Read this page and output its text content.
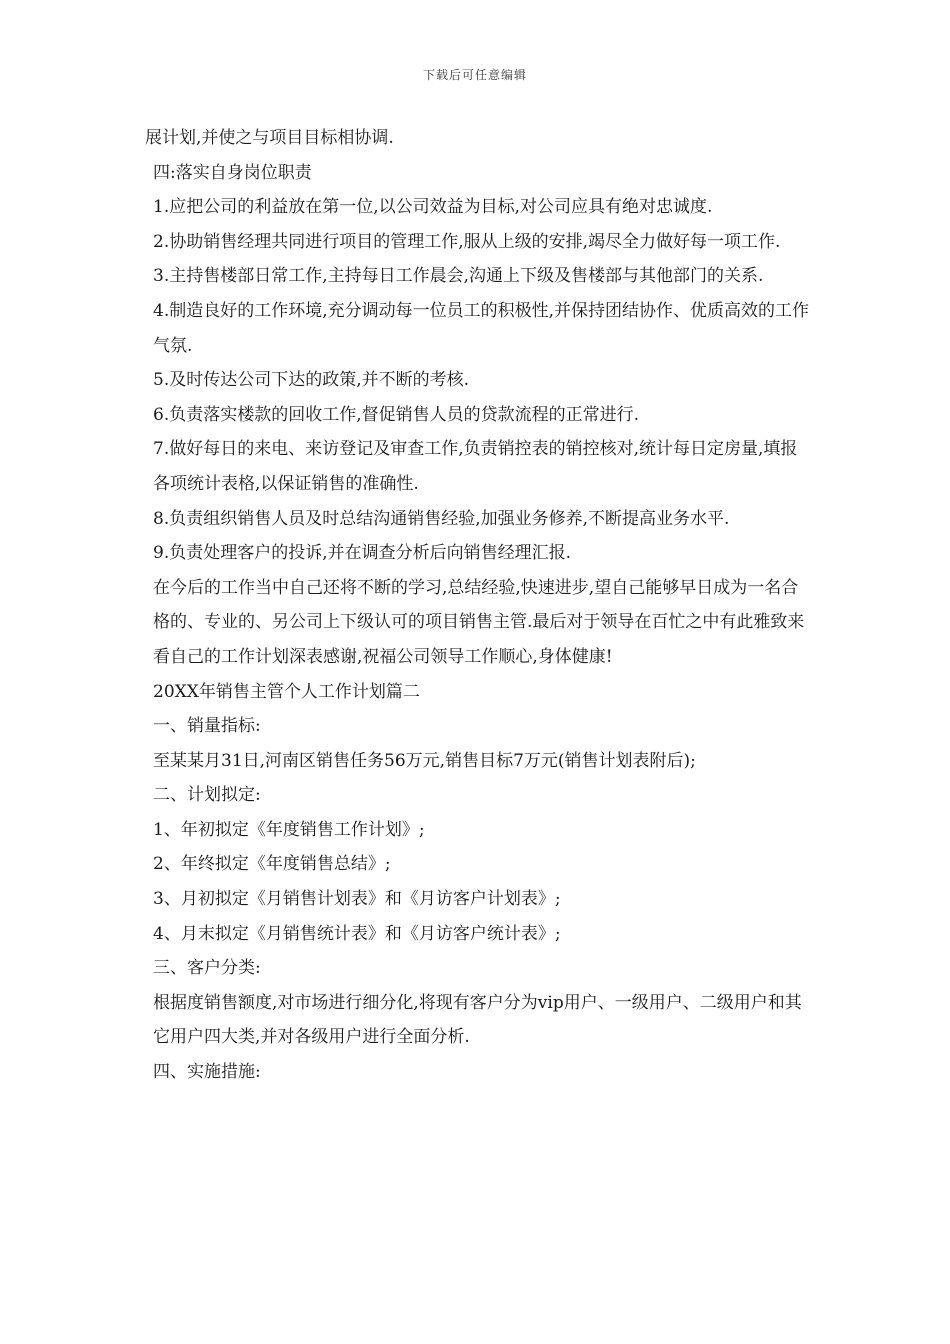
下载后可任意编辑

展计划,并使之与项目目标相协调.

四:落实自身岗位职责

1.应把公司的利益放在第一位,以公司效益为目标,对公司应具有绝对忠诚度.

2.协助销售经理共同进行项目的管理工作,服从上级的安排,竭尽全力做好每一项工作.

3.主持售楼部日常工作,主持每日工作晨会,沟通上下级及售楼部与其他部门的关系.

4.制造良好的工作环境,充分调动每一位员工的积极性,并保持团结协作、优质高效的工作气氛.

5.及时传达公司下达的政策,并不断的考核.

6.负责落实楼款的回收工作,督促销售人员的贷款流程的正常进行.

7.做好每日的来电、来访登记及审查工作,负责销控表的销控核对,统计每日定房量,填报各项统计表格,以保证销售的准确性.

8.负责组织销售人员及时总结沟通销售经验,加强业务修养,不断提高业务水平.

9.负责处理客户的投诉,并在调查分析后向销售经理汇报.

在今后的工作当中自己还将不断的学习,总结经验,快速进步,望自己能够早日成为一名合格的、专业的、另公司上下级认可的项目销售主管.最后对于领导在百忙之中有此雅致来看自己的工作计划深表感谢,祝福公司领导工作顺心,身体健康!

20XX年销售主管个人工作计划篇二

一、销量指标:

至某某月31日,河南区销售任务56万元,销售目标7万元(销售计划表附后);

二、计划拟定:

1、年初拟定《年度销售工作计划》;

2、年终拟定《年度销售总结》;

3、月初拟定《月销售计划表》和《月访客户计划表》;

4、月末拟定《月销售统计表》和《月访客户统计表》;

三、客户分类:

根据度销售额度,对市场进行细分化,将现有客户分为vip用户、一级用户、二级用户和其它用户四大类,并对各级用户进行全面分析.

四、实施措施:
